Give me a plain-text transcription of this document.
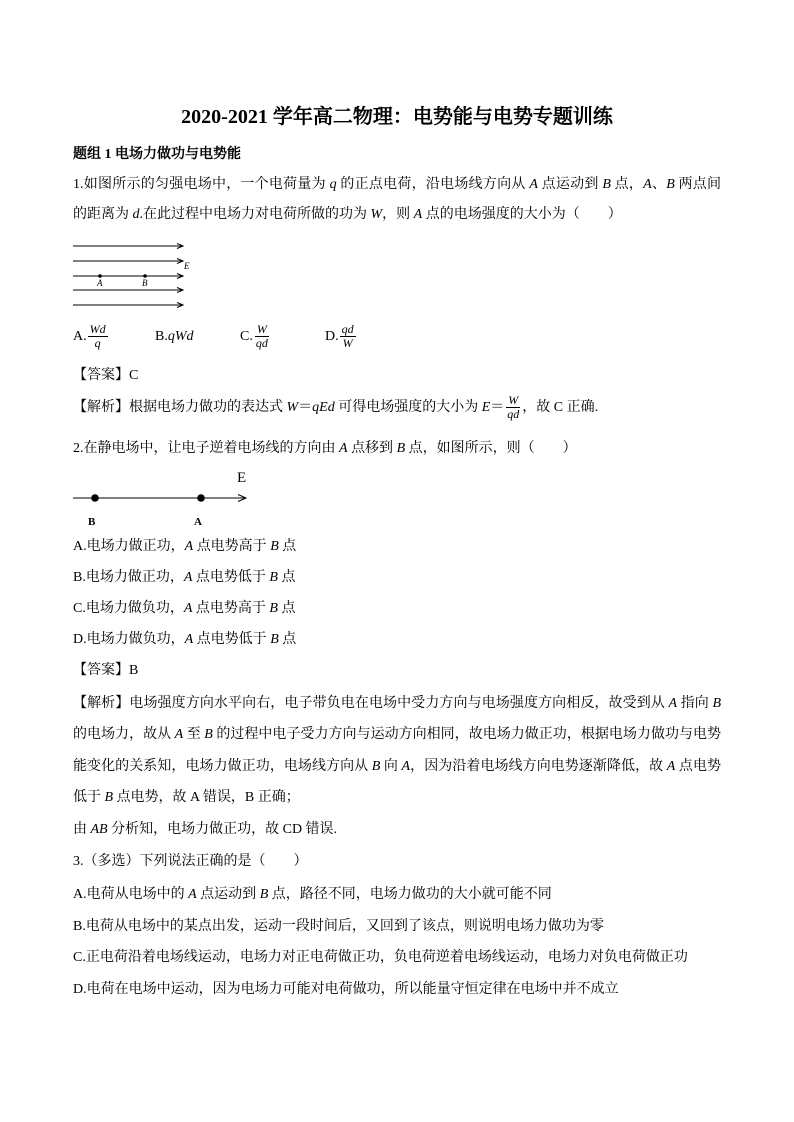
2020-2021 学年高二物理：电势能与电势专题训练
题组 1 电场力做功与电势能
1.如图所示的匀强电场中，一个电荷量为 q 的正点电荷，沿电场线方向从 A 点运动到 B 点，A、B 两点间的距离为 d.在此过程中电场力对电荷所做的功为 W，则 A 点的电场强度的大小为（　　）
E
A	B
A. $\frac{Wd}{q}$	B.qWd	C. $\frac{W}{qd}$	D. $\frac{qd}{W}$
【答案】C
【解析】根据电场力做功的表达式 W＝qEd 可得电场强度的大小为 $E= \frac{W}{qd}$ ，故 C 正确.
2.在静电场中，让电子逆着电场线的方向由 A 点移到 B 点，如图所示，则（　　）
E
B	A
A.电场力做正功，A 点电势高于 B 点
B.电场力做正功，A 点电势低于 B 点
C.电场力做负功，A 点电势高于 B 点
D.电场力做负功，A 点电势低于 B 点
【答案】B
【解析】电场强度方向水平向右，电子带负电在电场中受力方向与电场强度方向相反，故受到从 A 指向 B 的电场力，故从 A 至 B 的过程中电子受力方向与运动方向相同，故电场力做正功，根据电场力做功与电势能变化的关系知，电场力做正功，电场线方向从 B 向 A，因为沿着电场线方向电势逐渐降低，故 A 点电势低于 B 点电势，故 A 错误，B 正确；
由 AB 分析知，电场力做正功，故 CD 错误.
3.（多选）下列说法正确的是（　　）
A.电荷从电场中的 A 点运动到 B 点，路径不同，电场力做功的大小就可能不同
B.电荷从电场中的某点出发，运动一段时间后，又回到了该点，则说明电场力做功为零
C.正电荷沿着电场线运动，电场力对正电荷做正功，负电荷逆着电场线运动，电场力对负电荷做正功
D.电荷在电场中运动，因为电场力可能对电荷做功，所以能量守恒定律在电场中并不成立
